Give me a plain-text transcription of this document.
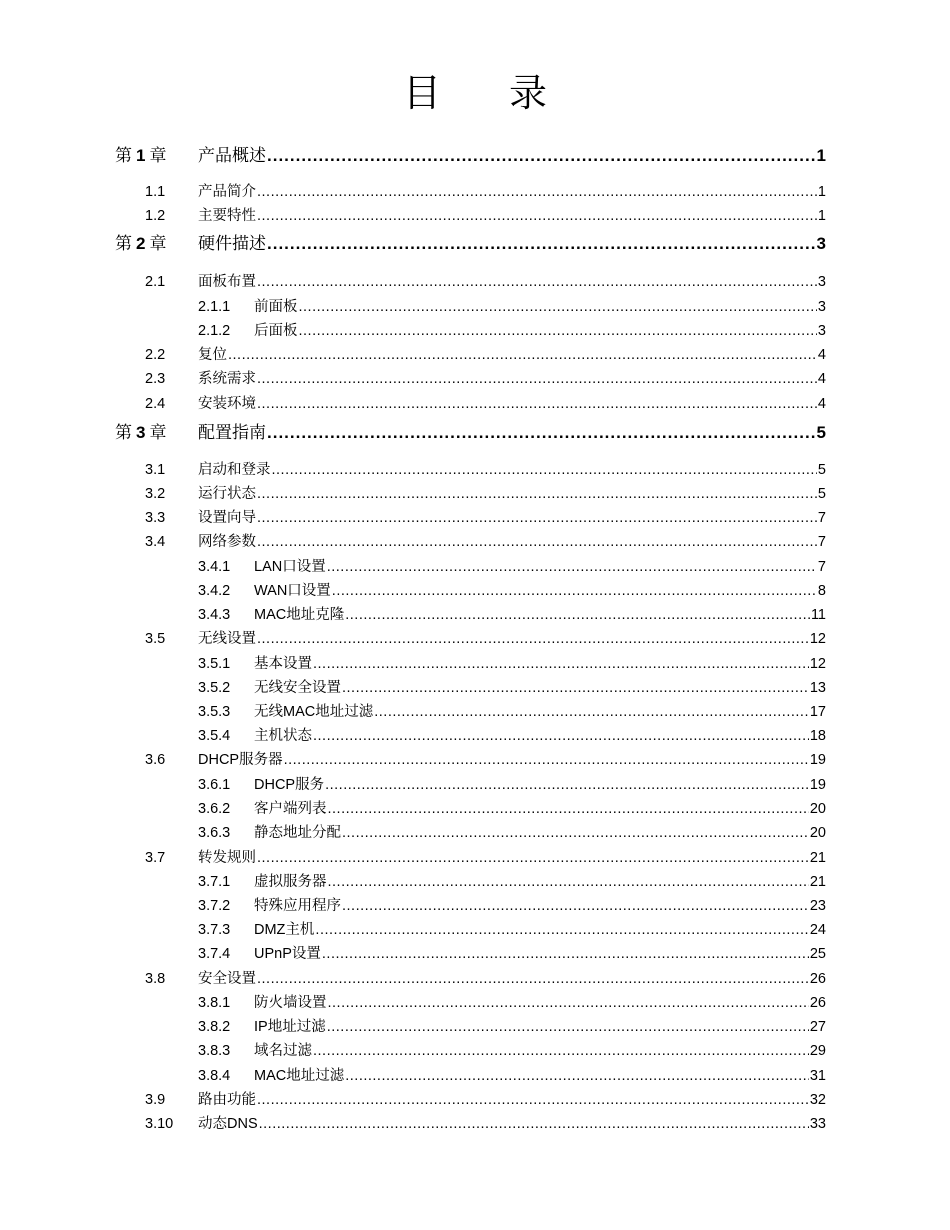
目 录
第 1 章 产品概述 .....	1
1.1 产品简介 .....	1
1.2 主要特性 .....	1
第 2 章 硬件描述 .....	3
2.1 面板布置 .....	3
2.1.1 前面板 .....	3
2.1.2 后面板 .....	3
2.2 复位 .....	4
2.3 系统需求 .....	4
2.4 安装环境 .....	4
第 3 章 配置指南 .....	5
3.1 启动和登录 .....	5
3.2 运行状态 .....	5
3.3 设置向导 .....	7
3.4 网络参数 .....	7
3.4.1 LAN口设置 .....	7
3.4.2 WAN口设置 .....	8
3.4.3 MAC地址克隆 .....	11
3.5 无线设置 .....	12
3.5.1 基本设置 .....	12
3.5.2 无线安全设置 .....	13
3.5.3 无线MAC地址过滤 .....	17
3.5.4 主机状态 .....	18
3.6 DHCP服务器 .....	19
3.6.1 DHCP服务 .....	19
3.6.2 客户端列表 .....	20
3.6.3 静态地址分配 .....	20
3.7 转发规则 .....	21
3.7.1 虚拟服务器 .....	21
3.7.2 特殊应用程序 .....	23
3.7.3 DMZ主机 .....	24
3.7.4 UPnP设置 .....	25
3.8 安全设置 .....	26
3.8.1 防火墙设置 .....	26
3.8.2 IP地址过滤 .....	27
3.8.3 域名过滤 .....	29
3.8.4 MAC地址过滤 .....	31
3.9 路由功能 .....	32
3.10 动态DNS .....	33
